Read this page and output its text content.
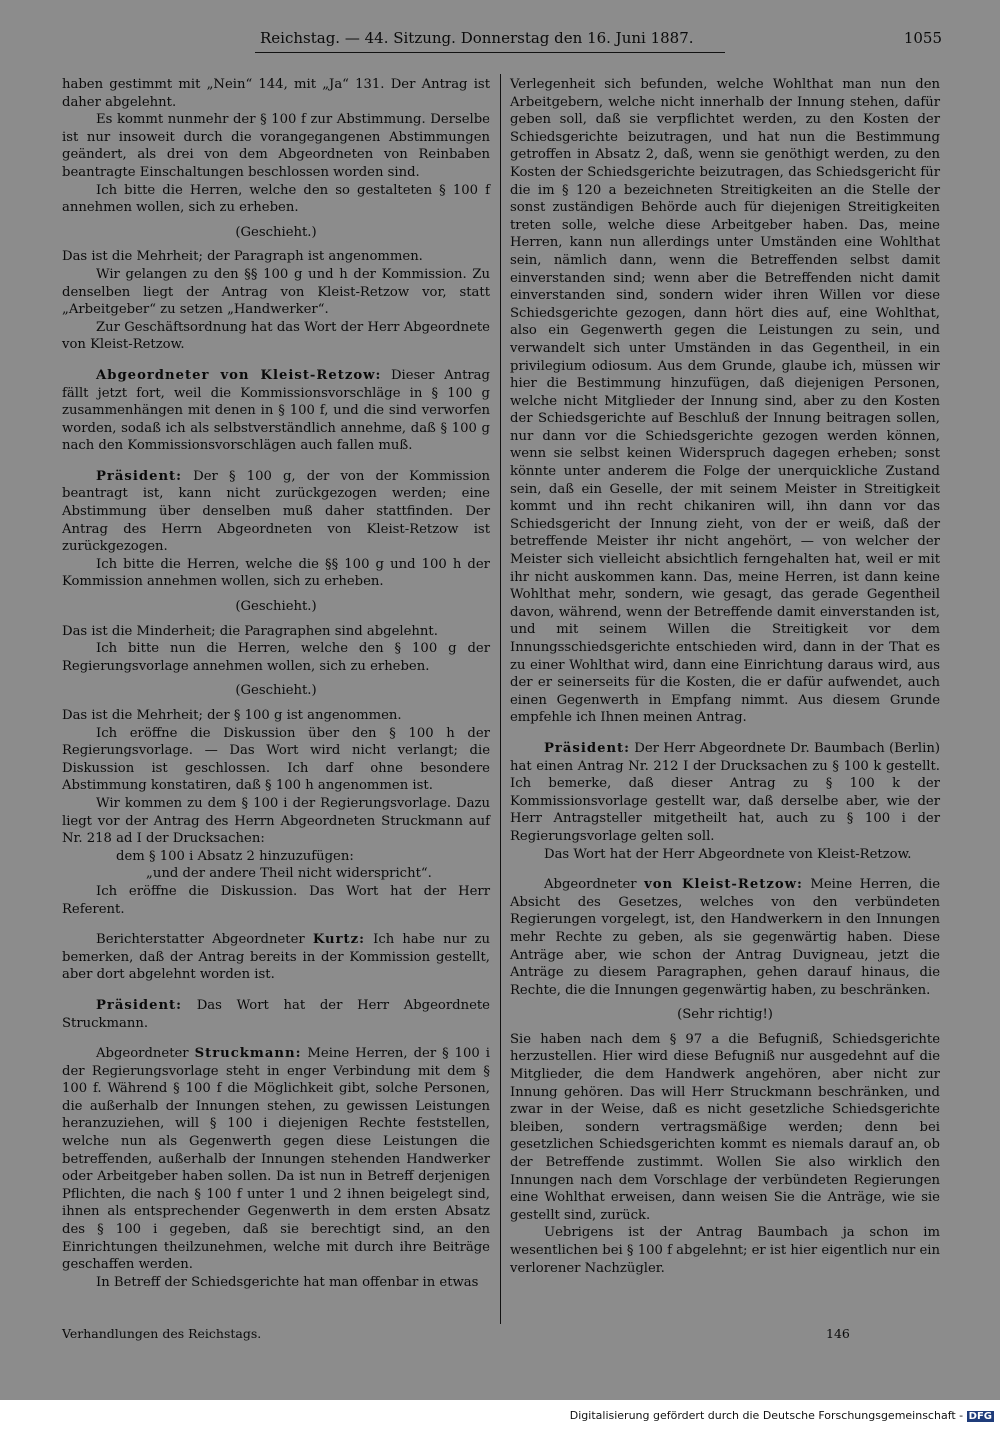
Reichstag. — 44. Sitzung. Donnerstag den 16. Juni 1887.	1055

haben gestimmt mit „Nein“ 144, mit „Ja“ 131. Der Antrag ist daher abgelehnt.

Es kommt nunmehr der § 100 f zur Abstimmung. Derselbe ist nur insoweit durch die vorangegangenen Abstimmungen geändert, als drei von dem Abgeordneten von Reinbaben beantragte Einschaltungen beschlossen worden sind.

Ich bitte die Herren, welche den so gestalteten § 100 f annehmen wollen, sich zu erheben.

(Geschieht.)

Das ist die Mehrheit; der Paragraph ist angenommen.

Wir gelangen zu den §§ 100 g und h der Kommission. Zu denselben liegt der Antrag von Kleist-Retzow vor, statt „Arbeitgeber“ zu setzen „Handwerker“.

Zur Geschäftsordnung hat das Wort der Herr Abgeordnete von Kleist-Retzow.

Abgeordneter von Kleist-Retzow: Dieser Antrag fällt jetzt fort, weil die Kommissionsvorschläge in § 100 g zusammenhängen mit denen in § 100 f, und die sind verworfen worden, sodaß ich als selbstverständlich annehme, daß § 100 g nach den Kommissionsvorschlägen auch fallen muß.

Präsident: Der § 100 g, der von der Kommission beantragt ist, kann nicht zurückgezogen werden; eine Abstimmung über denselben muß daher stattfinden. Der Antrag des Herrn Abgeordneten von Kleist-Retzow ist zurückgezogen.

Ich bitte die Herren, welche die §§ 100 g und 100 h der Kommission annehmen wollen, sich zu erheben.

(Geschieht.)

Das ist die Minderheit; die Paragraphen sind abgelehnt.

Ich bitte nun die Herren, welche den § 100 g der Regierungsvorlage annehmen wollen, sich zu erheben.

(Geschieht.)

Das ist die Mehrheit; der § 100 g ist angenommen.

Ich eröffne die Diskussion über den § 100 h der Regierungsvorlage. — Das Wort wird nicht verlangt; die Diskussion ist geschlossen. Ich darf ohne besondere Abstimmung konstatiren, daß § 100 h angenommen ist.

Wir kommen zu dem § 100 i der Regierungsvorlage. Dazu liegt vor der Antrag des Herrn Abgeordneten Struckmann auf Nr. 218 ad I der Drucksachen:

dem § 100 i Absatz 2 hinzuzufügen:

„und der andere Theil nicht widerspricht“.

Ich eröffne die Diskussion. Das Wort hat der Herr Referent.

Berichterstatter Abgeordneter Kurtz: Ich habe nur zu bemerken, daß der Antrag bereits in der Kommission gestellt, aber dort abgelehnt worden ist.

Präsident: Das Wort hat der Herr Abgeordnete Struckmann.

Abgeordneter Struckmann: Meine Herren, der § 100 i der Regierungsvorlage steht in enger Verbindung mit dem § 100 f. Während § 100 f die Möglichkeit gibt, solche Personen, die außerhalb der Innungen stehen, zu gewissen Leistungen heranzuziehen, will § 100 i diejenigen Rechte feststellen, welche nun als Gegenwerth gegen diese Leistungen die betreffenden, außerhalb der Innungen stehenden Handwerker oder Arbeitgeber haben sollen. Da ist nun in Betreff derjenigen Pflichten, die nach § 100 f unter 1 und 2 ihnen beigelegt sind, ihnen als entsprechender Gegenwerth in dem ersten Absatz des § 100 i gegeben, daß sie berechtigt sind, an den Einrichtungen theilzunehmen, welche mit durch ihre Beiträge geschaffen werden.

In Betreff der Schiedsgerichte hat man offenbar in etwas

Verlegenheit sich befunden, welche Wohlthat man nun den Arbeitgebern, welche nicht innerhalb der Innung stehen, dafür geben soll, daß sie verpflichtet werden, zu den Kosten der Schiedsgerichte beizutragen, und hat nun die Bestimmung getroffen in Absatz 2, daß, wenn sie genöthigt werden, zu den Kosten der Schiedsgerichte beizutragen, das Schiedsgericht für die im § 120 a bezeichneten Streitigkeiten an die Stelle der sonst zuständigen Behörde auch für diejenigen Streitigkeiten treten solle, welche diese Arbeitgeber haben. Das, meine Herren, kann nun allerdings unter Umständen eine Wohlthat sein, nämlich dann, wenn die Betreffenden selbst damit einverstanden sind; wenn aber die Betreffenden nicht damit einverstanden sind, sondern wider ihren Willen vor diese Schiedsgerichte gezogen, dann hört dies auf, eine Wohlthat, also ein Gegenwerth gegen die Leistungen zu sein, und verwandelt sich unter Umständen in das Gegentheil, in ein privilegium odiosum. Aus dem Grunde, glaube ich, müssen wir hier die Bestimmung hinzufügen, daß diejenigen Personen, welche nicht Mitglieder der Innung sind, aber zu den Kosten der Schiedsgerichte auf Beschluß der Innung beitragen sollen, nur dann vor die Schiedsgerichte gezogen werden können, wenn sie selbst keinen Widerspruch dagegen erheben; sonst könnte unter anderem die Folge der unerquickliche Zustand sein, daß ein Geselle, der mit seinem Meister in Streitigkeit kommt und ihn recht chikaniren will, ihn dann vor das Schiedsgericht der Innung zieht, von der er weiß, daß der betreffende Meister ihr nicht angehört, — von welcher der Meister sich vielleicht absichtlich ferngehalten hat, weil er mit ihr nicht auskommen kann. Das, meine Herren, ist dann keine Wohlthat mehr, sondern, wie gesagt, das gerade Gegentheil davon, während, wenn der Betreffende damit einverstanden ist, und mit seinem Willen die Streitigkeit vor dem Innungsschiedsgerichte entschieden wird, dann in der That es zu einer Wohlthat wird, dann eine Einrichtung daraus wird, aus der er seinerseits für die Kosten, die er dafür aufwendet, auch einen Gegenwerth in Empfang nimmt. Aus diesem Grunde empfehle ich Ihnen meinen Antrag.

Präsident: Der Herr Abgeordnete Dr. Baumbach (Berlin) hat einen Antrag Nr. 212 I der Drucksachen zu § 100 k gestellt. Ich bemerke, daß dieser Antrag zu § 100 k der Kommissionsvorlage gestellt war, daß derselbe aber, wie der Herr Antragsteller mitgetheilt hat, auch zu § 100 i der Regierungsvorlage gelten soll.

Das Wort hat der Herr Abgeordnete von Kleist-Retzow.

Abgeordneter von Kleist-Retzow: Meine Herren, die Absicht des Gesetzes, welches von den verbündeten Regierungen vorgelegt, ist, den Handwerkern in den Innungen mehr Rechte zu geben, als sie gegenwärtig haben. Diese Anträge aber, wie schon der Antrag Duvigneau, jetzt die Anträge zu diesem Paragraphen, gehen darauf hinaus, die Rechte, die die Innungen gegenwärtig haben, zu beschränken.

(Sehr richtig!)

Sie haben nach dem § 97 a die Befugniß, Schiedsgerichte herzustellen. Hier wird diese Befugniß nur ausgedehnt auf die Mitglieder, die dem Handwerk angehören, aber nicht zur Innung gehören. Das will Herr Struckmann beschränken, und zwar in der Weise, daß es nicht gesetzliche Schiedsgerichte bleiben, sondern vertragsmäßige werden; denn bei gesetzlichen Schiedsgerichten kommt es niemals darauf an, ob der Betreffende zustimmt. Wollen Sie also wirklich den Innungen nach dem Vorschlage der verbündeten Regierungen eine Wohlthat erweisen, dann weisen Sie die Anträge, wie sie gestellt sind, zurück.

Uebrigens ist der Antrag Baumbach ja schon im wesentlichen bei § 100 f abgelehnt; er ist hier eigentlich nur ein verlorener Nachzügler.

Verhandlungen des Reichstags.	146
Digitalisierung gefördert durch die Deutsche Forschungsgemeinschaft - DFG
